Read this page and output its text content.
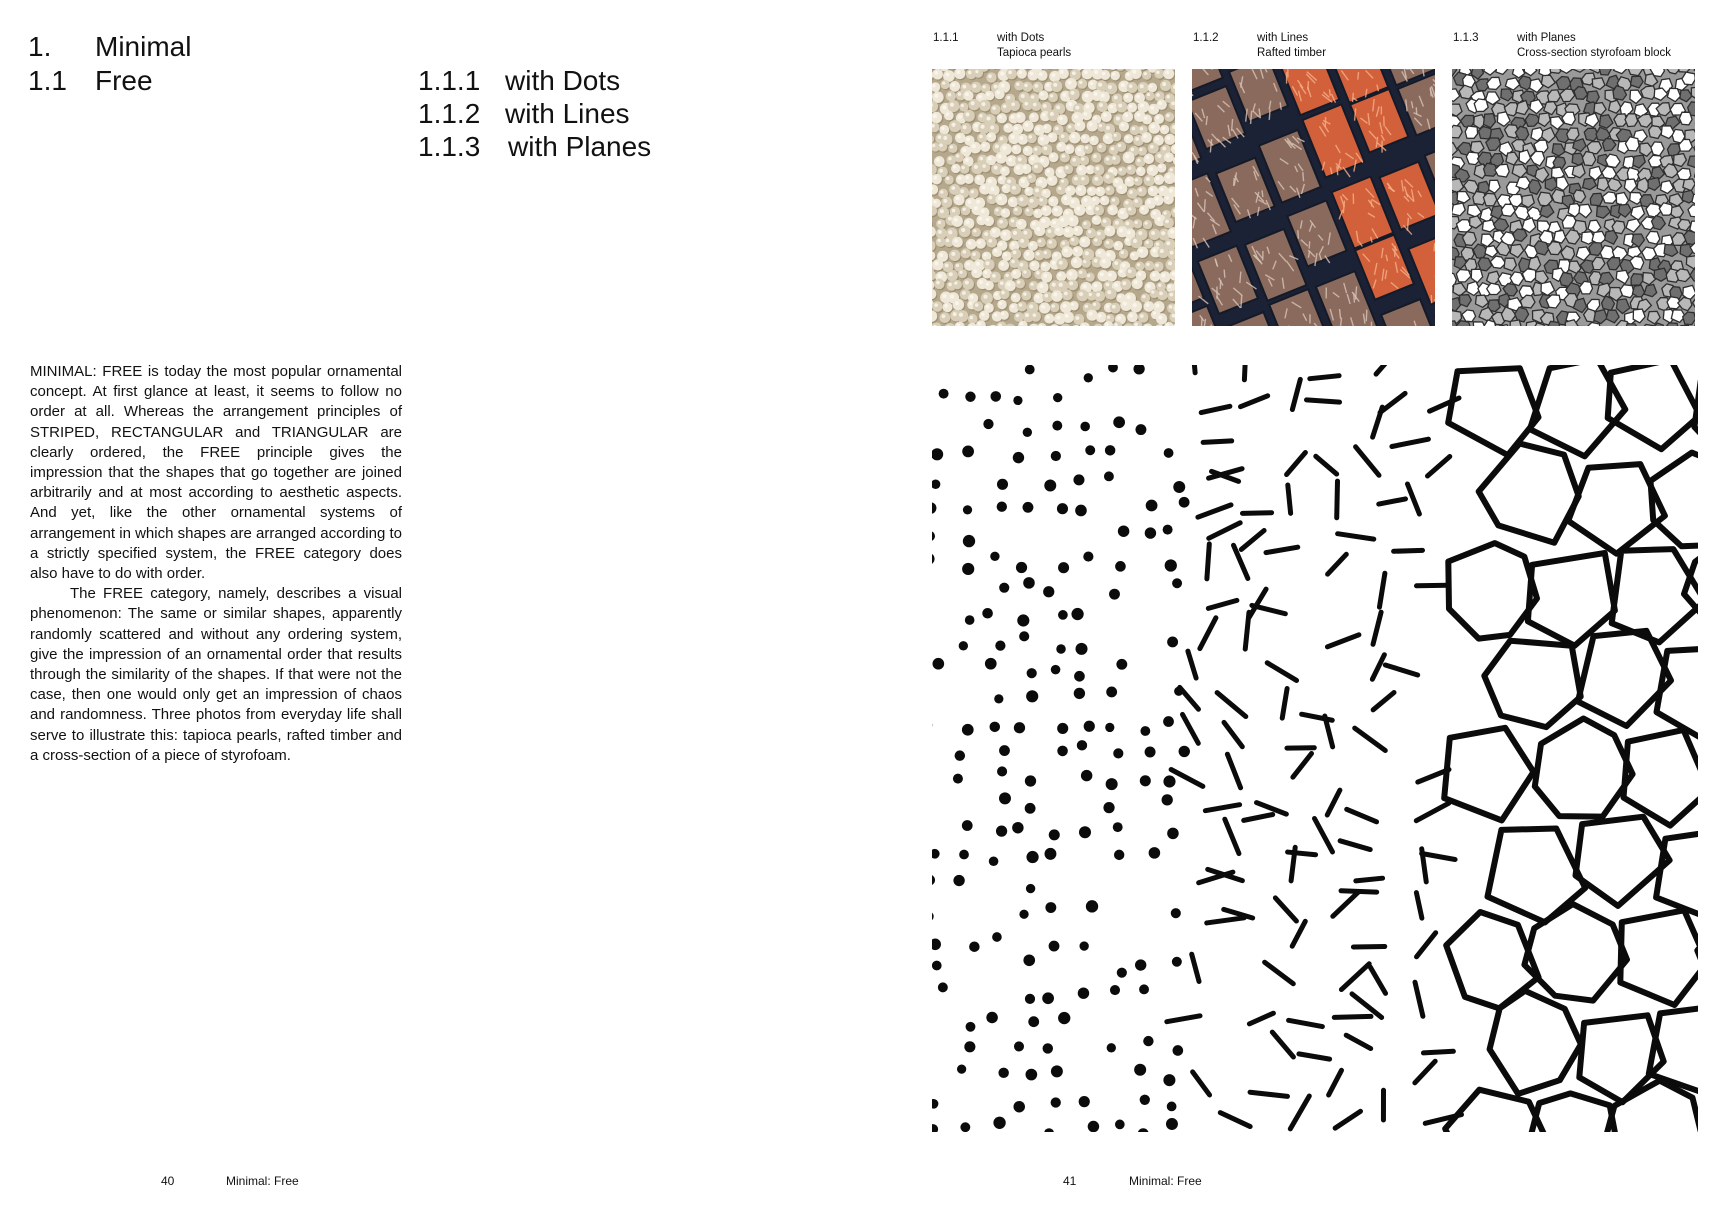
1. Minimal
1.1 Free	1.1.1 with Dots
1.1.2 with Lines
1.1.3 with Planes

MINIMAL: FREE is today the most popular ornamental concept. At first glance at least, it seems to follow no order at all. Whereas the arrangement principles of STRIPED, RECTANGULAR and TRIANGULAR are clearly ordered, the FREE principle gives the impression that the shapes that go together are joined arbitrarily and at most according to aesthetic aspects. And yet, like the other ornamental systems of arrangement in which shapes are arranged according to a strictly specified system, the FREE category does also have to do with order.

The FREE category, namely, describes a visual phenomenon: The same or similar shapes, apparently randomly scattered and without any ordering system, give the impression of an ornamental order that results through the similarity of the shapes. If that were not the case, then one would only get an impression of chaos and randomness. Three photos from everyday life shall serve to illustrate this: tapioca pearls, rafted timber and a cross-section of a piece of styrofoam.

1.1.1	with Dots
Tapioca pearls
1.1.2	with Lines
Rafted timber
1.1.3	with Planes
Cross-section styrofoam block
40	Minimal: Free	41	Minimal: Free
